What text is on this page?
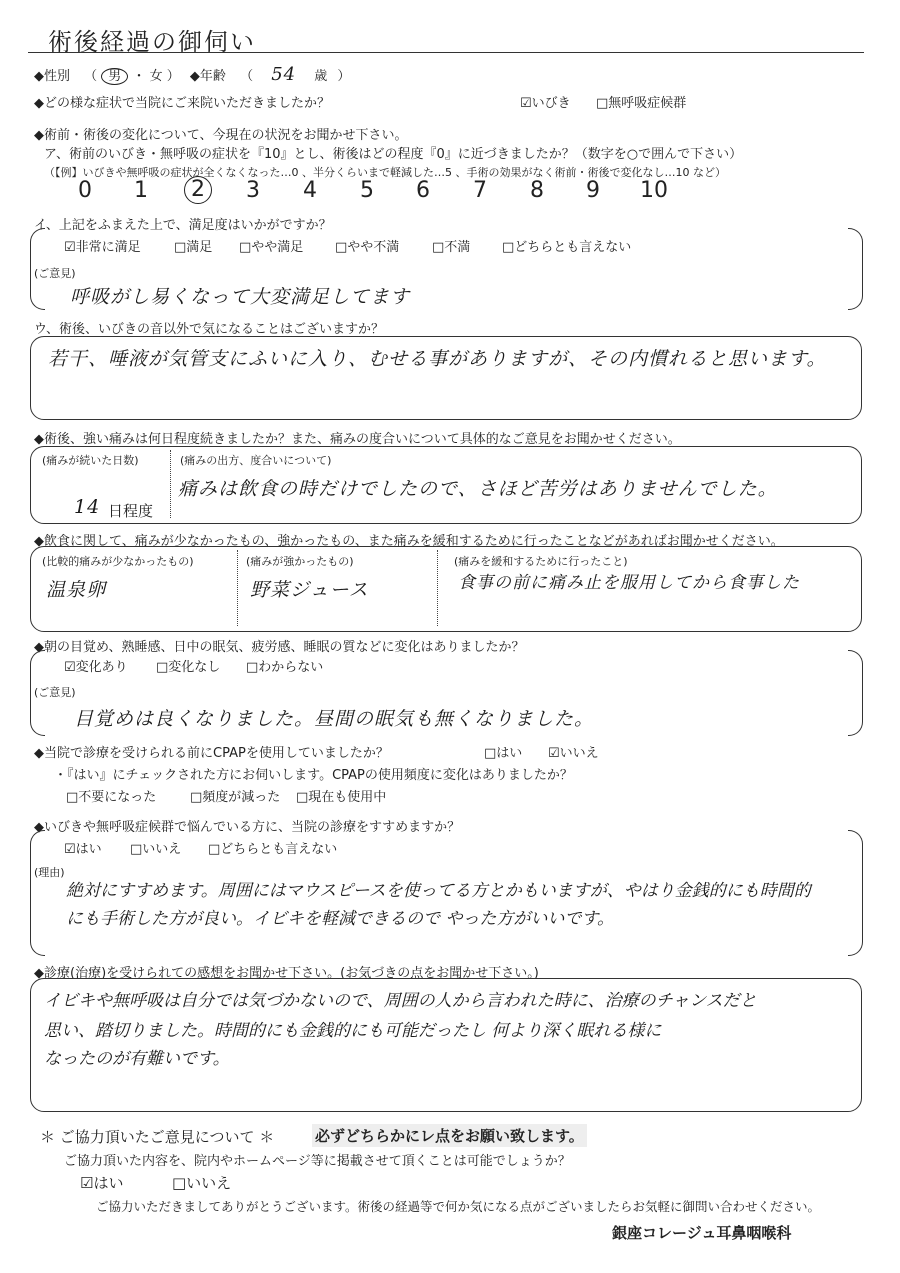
術後経過の御伺い
◆性別 （ 男 ・ 女 ） ◆年齢 （ 54 歳 ）
◆どの様な症状で当院にご来院いただきましたか？	☑いびき □無呼吸症候群
◆術前・術後の変化について、今現在の状況をお聞かせ下さい。
ア、術前のいびき・無呼吸の症状を『10』とし、術後はどの程度『0』に近づきましたか？（数字を○で囲んで下さい）
（【例】いびきや無呼吸の症状が全くなくなった…0 、半分くらいまで軽減した…5 、手術の効果がなく術前・術後で変化なし…10 など）
0 1	2	3 4 5 6 7 8 9 10
イ、上記をふまえた上で、満足度はいかがですか？
☑非常に満足	□満足 □やや満足 □やや不満	□不満 □どちらとも言えない
(ご意見)
呼吸がし易くなって大変満足してます
ウ、術後、いびきの音以外で気になることはございますか？
若干、唾液が気管支にふいに入り、むせる事がありますが、その内慣れると思います。
◆術後、強い痛みは何日程度続きましたか？また、痛みの度合いについて具体的なご意見をお聞かせください。
(痛みが続いた日数)
14 日程度
(痛みの出方、度合いについて)
痛みは飲食の時だけでしたので、さほど苦労はありませんでした。
◆飲食に関して、痛みが少なかったもの、強かったもの、また痛みを緩和するために行ったことなどがあればお聞かせください。
(比較的痛みが少なかったもの)
温泉卵
(痛みが強かったもの)
野菜ジュース
(痛みを緩和するために行ったこと)
食事の前に痛み止を服用してから食事した
◆朝の目覚め、熟睡感、日中の眠気、疲労感、睡眠の質などに変化はありましたか？
☑変化あり □変化なし □わからない
(ご意見)
目覚めは良くなりました。昼間の眠気も無くなりました。
◆当院で診療を受けられる前にCPAPを使用していましたか？	□はい ☑いいえ
・『はい』にチェックされた方にお伺いします。CPAPの使用頻度に変化はありましたか？
□不要になった	□頻度が減った □現在も使用中
◆いびきや無呼吸症候群で悩んでいる方に、当院の診療をすすめますか？
☑はい □いいえ □どちらとも言えない
(理由)
絶対にすすめます。周囲にはマウスピースを使ってる方とかもいますが、やはり金銭的にも時間的
にも手術した方が良い。イビキを軽減できるので やった方がいいです。
◆診療(治療)を受けられての感想をお聞かせ下さい。(お気づきの点をお聞かせ下さい。)
イビキや無呼吸は自分では気づかないので、周囲の人から言われた時に、治療のチャンスだと
思い、踏切りました。時間的にも金銭的にも可能だったし 何より深く眠れる様に
なったのが有難いです。
＊ ご協力頂いたご意見について ＊	必ずどちらかにレ点をお願い致します。
ご協力頂いた内容を、院内やホームページ等に掲載させて頂くことは可能でしょうか？
☑はい	□いいえ
ご協力いただきましてありがとうございます。術後の経過等で何か気になる点がございましたらお気軽に御問い合わせください。
銀座コレージュ耳鼻咽喉科
